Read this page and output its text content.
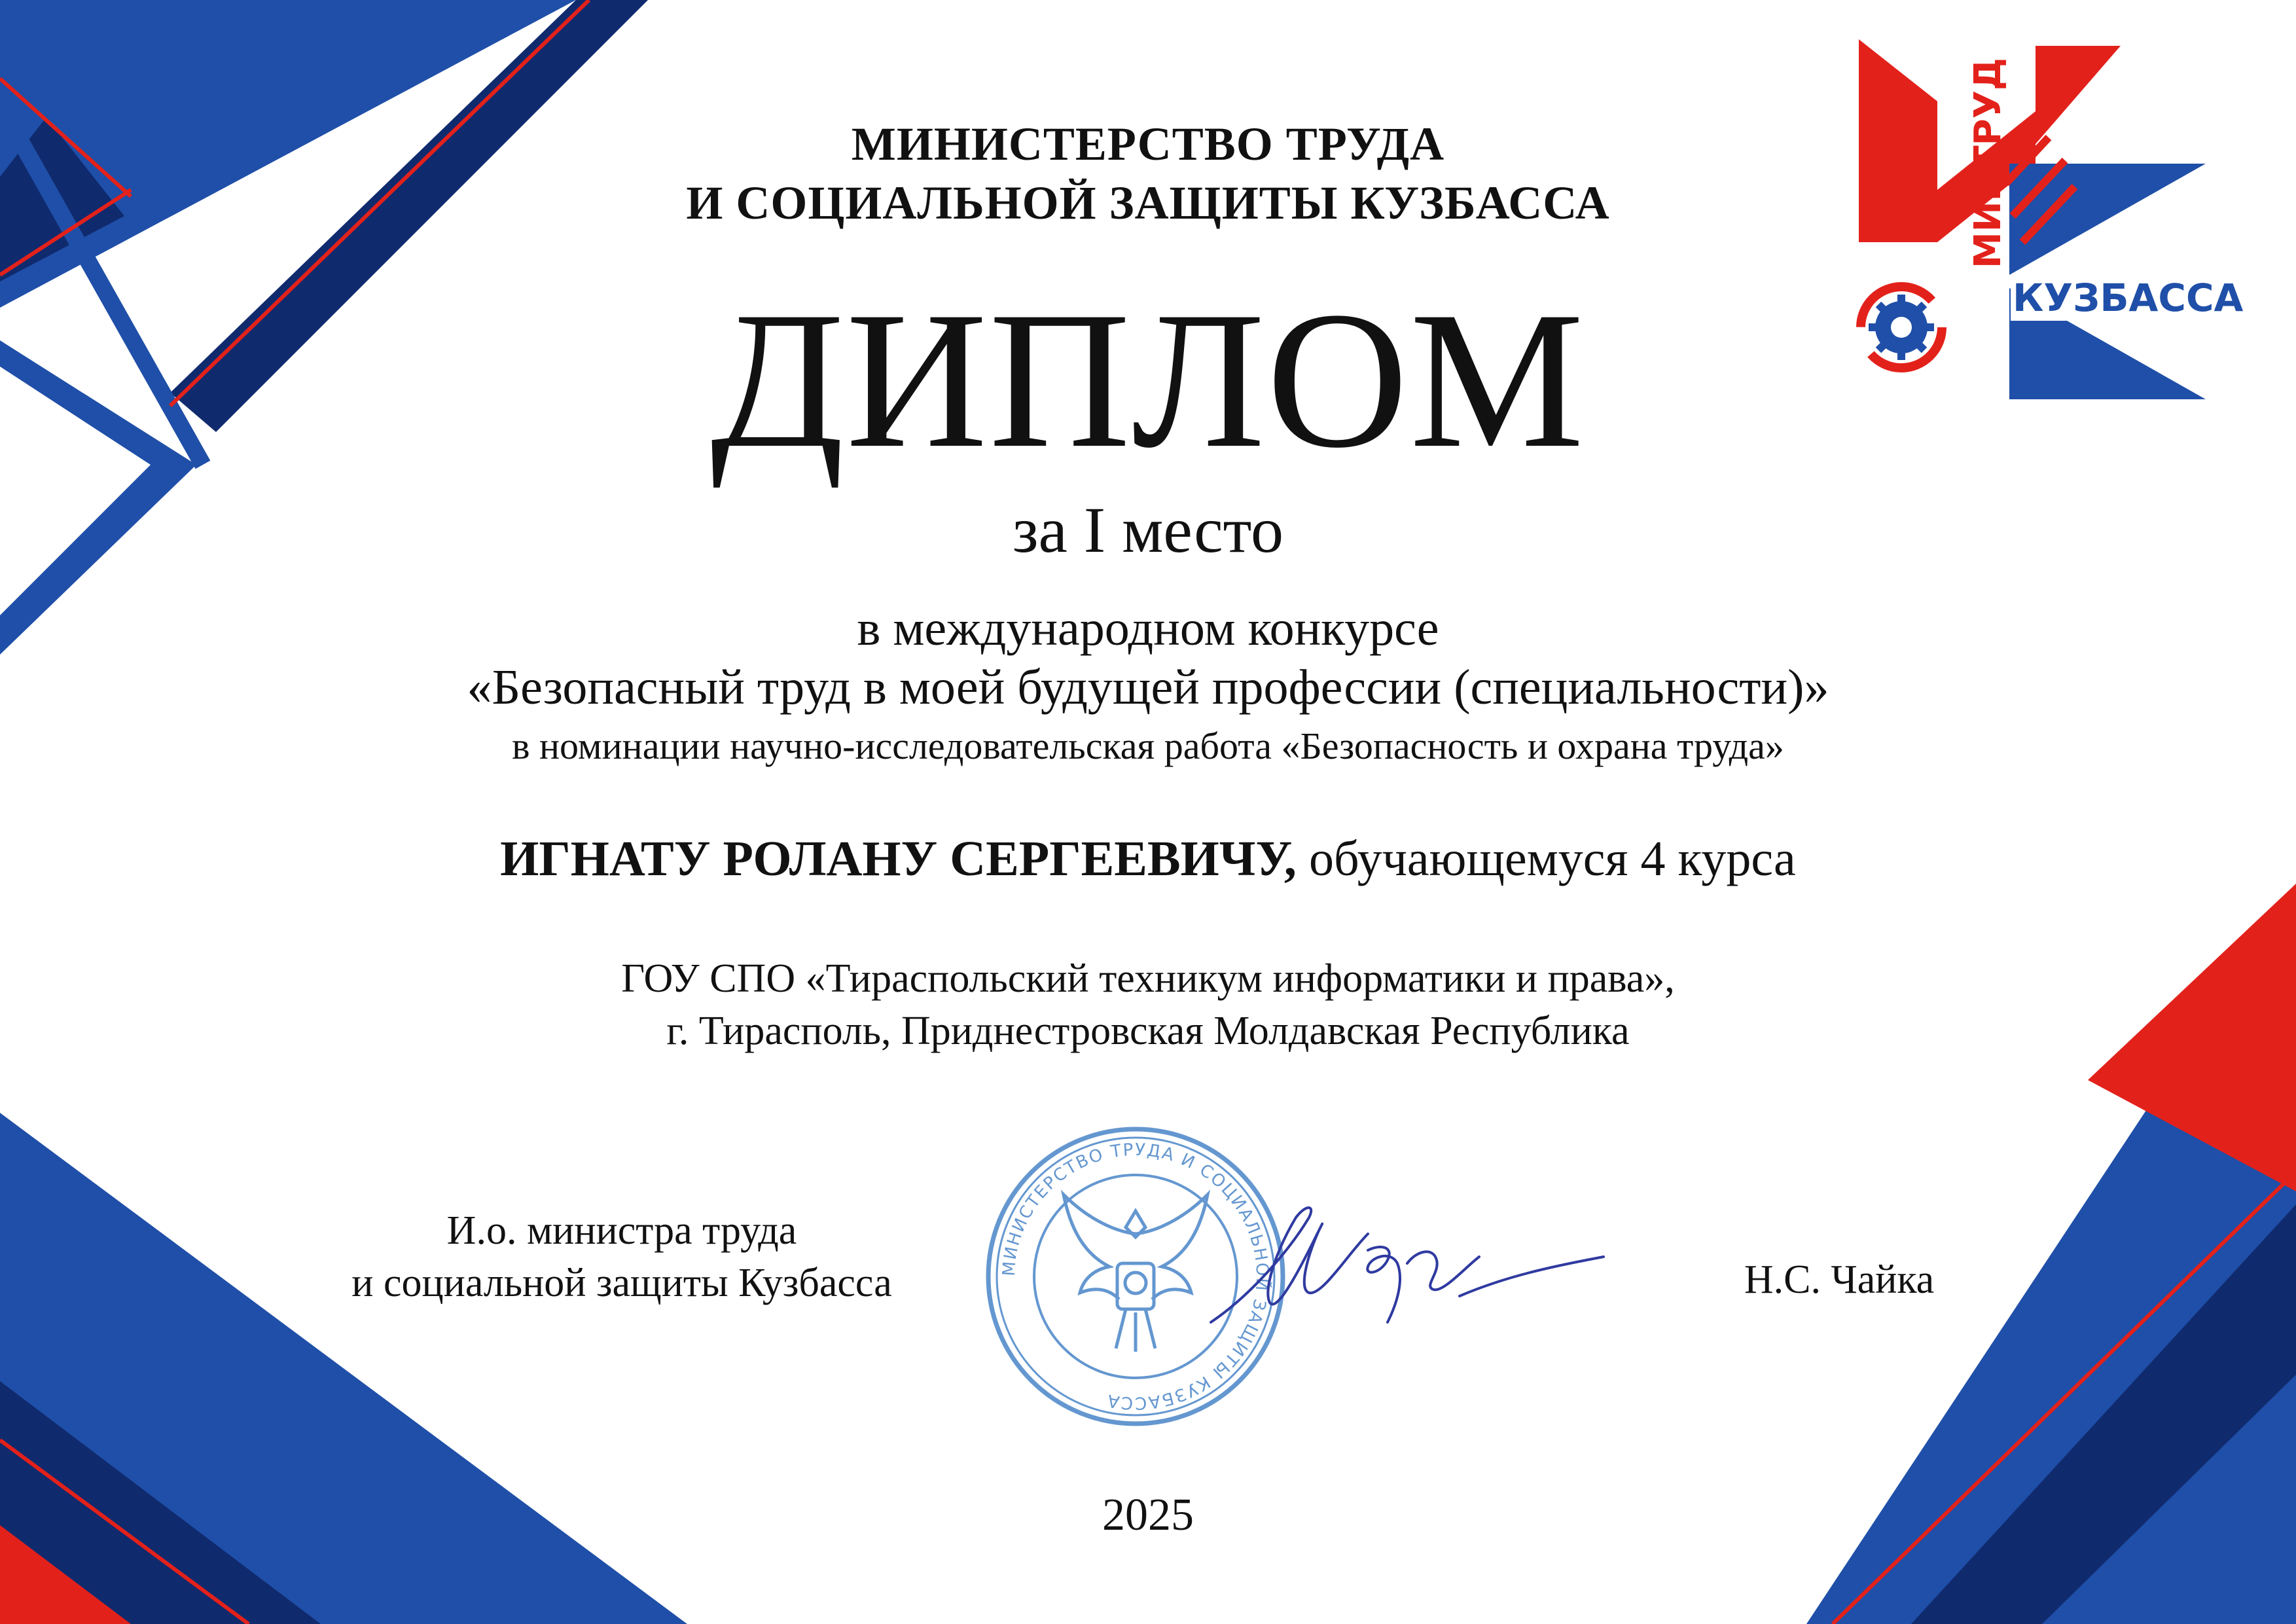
МИНТРУД
КУЗБАССА
МИНИСТЕРСТВО ТРУДА
И СОЦИАЛЬНОЙ ЗАЩИТЫ КУЗБАССА
ДИПЛОМ
за I место
в международном конкурсе
«Безопасный труд в моей будущей профессии (специальности)»
в номинации научно-исследовательская работа «Безопасность и охрана труда»
ИГНАТУ РОЛАНУ СЕРГЕЕВИЧУ, обучающемуся 4 курса
ГОУ СПО «Тираспольский техникум информатики и права»,
г. Тирасполь, Приднестровская Молдавская Республика
И.о. министра труда
и социальной защиты Кузбасса	МИНИСТЕРСТВО ТРУДА И СОЦИАЛЬНОЙ ЗАЩИТЫ КУЗБАССА
Н.С. Чайка
2025
